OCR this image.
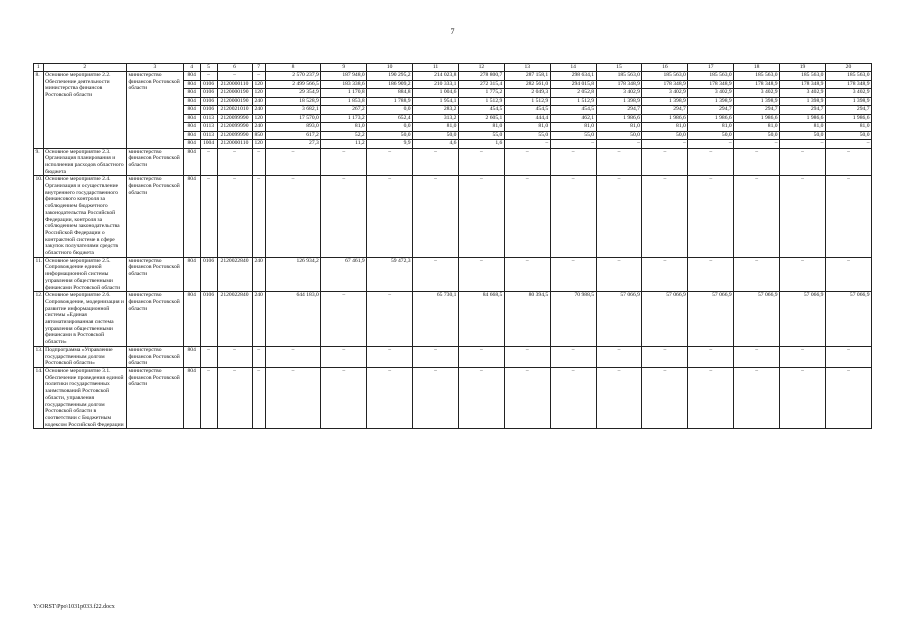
7
1	2	3	4	5	6	7	8	9	10	11	12	13	14	15	16	17	18	19	20
8.	Основное мероприятие 2.2. Обеспечение деятельности министерства финансов Ростовской области	министерство финансов Ростовской области	804	–	–	–	2 570 237,9	187 948,0	190 295,2	214 023,8	278 800,7	287 158,1	298 634,1	185 563,0	185 563,0	185 563,0	185 563,0	185 563,0	185 563,0
			804	0106	2120000110	120	2 499 566,5	183 338,6	186 909,2	210 333,1	272 315,4	282 561,0	294 015,8	178 348,9	178 348,9	178 348,9	178 348,9	178 348,9	178 348,9
			804	0106	2120000190	120	29 354,9	1 170,8	884,8	1 004,6	1 775,2	2 049,3	2 052,8	3 402,9	3 402,9	3 402,9	3 402,9	3 402,9	3 402,9
			804	0106	2120000190	240	18 528,9	1 853,8	1 788,9	1 954,1	1 512,9	1 512,9	1 512,9	1 398,9	1 398,9	1 398,9	1 398,9	1 398,9	1 398,9
			804	0106	2120021010	240	3 682,1	267,2	0,0	283,2	454,5	454,5	454,5	294,7	294,7	294,7	294,7	294,7	294,7
			804	0113	2120099990	120	17 570,0	1 173,2	652,4	313,2	2 605,1	444,4	462,1	1 986,6	1 986,6	1 986,6	1 986,6	1 986,6	1 986,6
			804	0113	2120099990	240	893,0	81,0	0,0	81,0	81,0	81,0	81,0	81,0	81,0	81,0	81,0	81,0	81,0
			804	0113	2120099990	850	617,2	52,2	50,0	50,0	55,0	55,0	55,0	50,0	50,0	50,0	50,0	50,0	50,0
			804	1004	2120000110	120	27,3	11,2	9,9	4,6	1,6	–	–	–	–	–	–	–	–
9.	Основное мероприятие 2.3. Организация планирования и исполнения расходов областного бюджета	министерство финансов Ростовской области	804	–	–	–	–	–	–	–	–	–	–	–	–	–	–	–	–
10.	Основное мероприятие 2.4. Организация и осуществление внутреннего государственного финансового контроля за соблюдением бюджетного законодательства Российской Федерации, контроля за соблюдением законодательства Российской Федерации о контрактной системе в сфере закупок получателями средств областного бюджета	министерство финансов Ростовской области	804	–	–	–	–	–	–	–	–	–	–	–	–	–	–	–	–
11.	Основное мероприятие 2.5. Сопровождение единой информационной системы управления общественными финансами Ростовской области	министерство финансов Ростовской области	804	0106	2120022840	240	126 934,2	67 461,9	59 472,3	–	–	–	–	–	–	–	–	–	–
12.	Основное мероприятие 2.6. Сопровождение, модернизация и развитие информационной системы «Единая автоматизированная система управления общественными финансами в Ростовской области»	министерство финансов Ростовской области	804	0106	2120022840	240	644 183,0	–	–	65 730,1	84 668,5	80 394,5	70 988,5	57 066,9	57 066,9	57 066,9	57 066,9	57 066,9	57 066,9
13.	Подпрограмма «Управление государственным долгом Ростовской области»	министерство финансов Ростовской области	804	–	–	–	–	–	–	–	–	–	–	–	–	–	–	–	–
14.	Основное мероприятие 3.1. Обеспечение проведения единой политики государственных заимствований Ростовской области, управления государственным долгом Ростовской области в соответствии с Бюджетным кодексом Российской Федерации	министерство финансов Ростовской области	804	–	–	–	–	–	–	–	–	–	–	–	–	–	–	–	–
Y:\ORST\Ppo\1031p033.f22.docx
